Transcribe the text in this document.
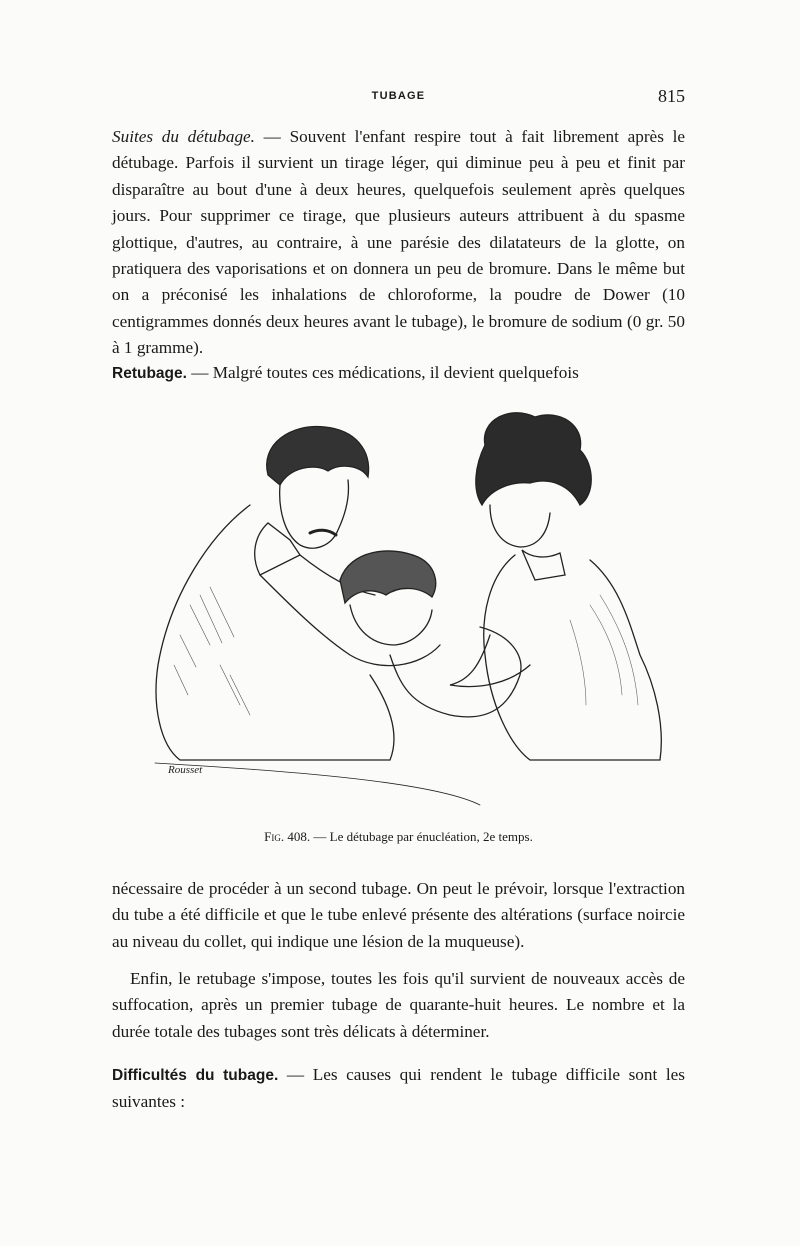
TUBAGE	815

Suites du détubage. — Souvent l'enfant respire tout à fait librement après le détubage. Parfois il survient un tirage léger, qui diminue peu à peu et finit par disparaître au bout d'une à deux heures, quelquefois seulement après quelques jours. Pour supprimer ce tirage, que plusieurs auteurs attribuent à du spasme glottique, d'autres, au contraire, à une parésie des dilatateurs de la glotte, on pratiquera des vaporisations et on donnera un peu de bromure. Dans le même but on a préconisé les inhalations de chloroforme, la poudre de Dower (10 centigrammes donnés deux heures avant le tubage), le bromure de sodium (0 gr. 50 à 1 gramme).

Retubage. — Malgré toutes ces médications, il devient quelquefois

Rousset
Fig. 408. — Le détubage par énucléation, 2e temps.

nécessaire de procéder à un second tubage. On peut le prévoir, lorsque l'extraction du tube a été difficile et que le tube enlevé présente des altérations (surface noircie au niveau du collet, qui indique une lésion de la muqueuse).

Enfin, le retubage s'impose, toutes les fois qu'il survient de nouveaux accès de suffocation, après un premier tubage de quarante-huit heures. Le nombre et la durée totale des tubages sont très délicats à déterminer.

Difficultés du tubage. — Les causes qui rendent le tubage difficile sont les suivantes :
